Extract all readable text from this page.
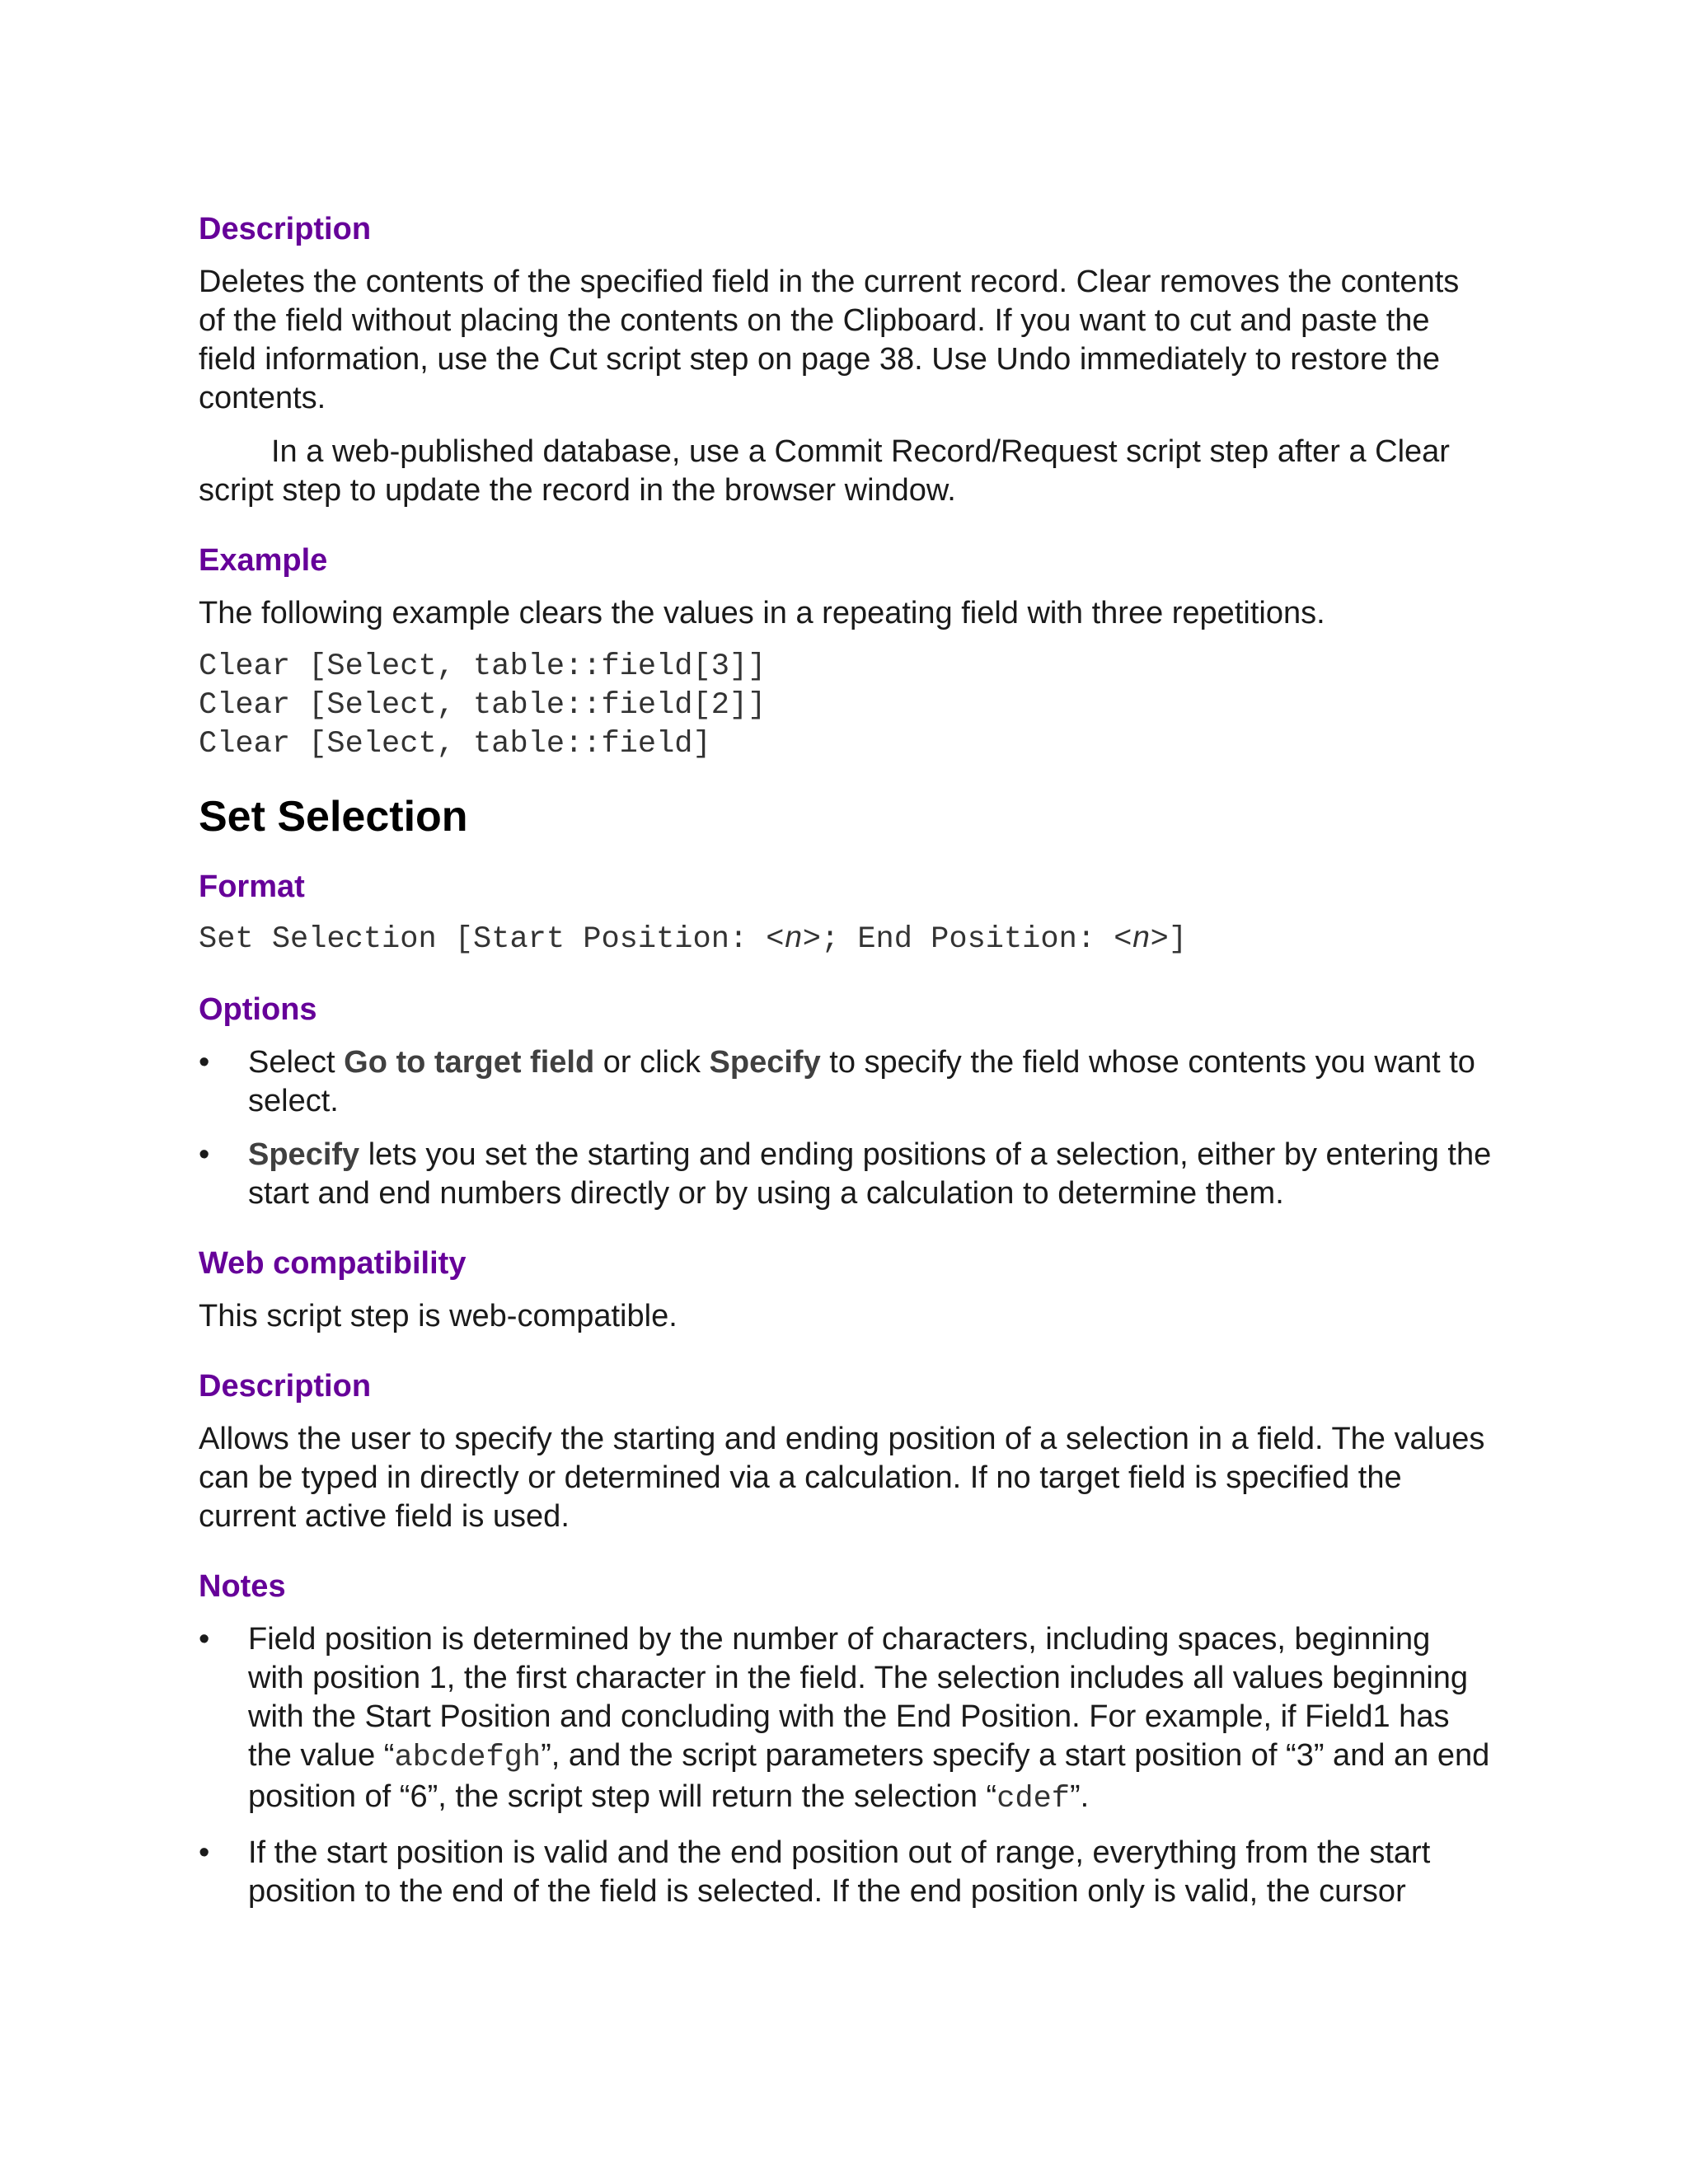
Description

Deletes the contents of the specified field in the current record. Clear removes the contents of the field without placing the contents on the Clipboard. If you want to cut and paste the field information, use the Cut script step on page 38. Use Undo immediately to restore the contents.

In a web-published database, use a Commit Record/Request script step after a Clear script step to update the record in the browser window.

Example

The following example clears the values in a repeating field with three repetitions.

Clear [Select, table::field[3]]
Clear [Select, table::field[2]]
Clear [Select, table::field]
Set Selection
Format
Set Selection [Start Position: <n>; End Position: <n>]
Options
•	Select Go to target field or click Specify to specify the field whose contents you want to select.
•	Specify lets you set the starting and ending positions of a selection, either by entering the start and end numbers directly or by using a calculation to determine them.
Web compatibility

This script step is web-compatible.

Description

Allows the user to specify the starting and ending position of a selection in a field. The values can be typed in directly or determined via a calculation. If no target field is specified the current active field is used.

Notes
•	Field position is determined by the number of characters, including spaces, beginning with position 1, the first character in the field. The selection includes all values beginning with the Start Position and concluding with the End Position. For example, if Field1 has the value “abcdefgh”, and the script parameters specify a start position of “3” and an end position of “6”, the script step will return the selection “cdef”.
•	If the start position is valid and the end position out of range, everything from the start position to the end of the field is selected. If the end position only is valid, the cursor
